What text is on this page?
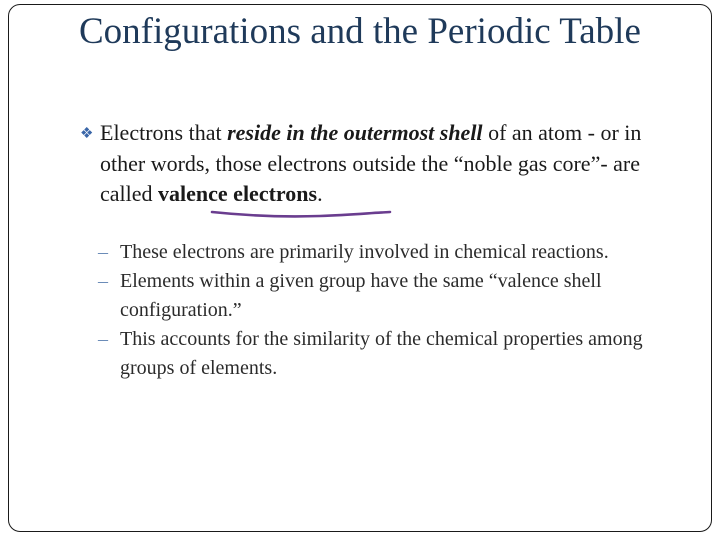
Configurations and the Periodic Table
❖ Electrons that reside in the outermost shell of an atom - or in other words, those electrons outside the “noble gas core”- are called valence electrons.
– These electrons are primarily involved in chemical reactions.
– Elements within a given group have the same “valence shell configuration.”
– This accounts for the similarity of the chemical properties among groups of elements.
